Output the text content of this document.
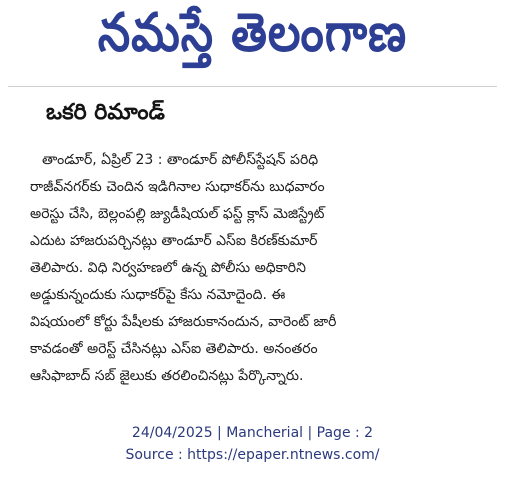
నమస్తే తెలంగాణ
ఒకరి రిమాండ్
తాండూర్, ఏప్రిల్ 23 : తాండూర్ పోలీస్‌స్టేషన్ పరిధి
రాజీవ్‌నగర్‌కు చెందిన ఇడిగినాల సుధాకర్‌ను బుధవారం
అరెస్టు చేసి, బెల్లంపల్లి జ్యుడీషియల్ ఫస్ట్ క్లాస్ మెజిస్ట్రేట్
ఎదుట హాజరుపర్చినట్లు తాండూర్ ఎస్ఐ కిరణ్‌కుమార్
తెలిపారు. విధి నిర్వహణలో ఉన్న పోలీసు అధికారిని
అడ్డుకున్నందుకు సుధాకర్‌పై కేసు నమోదైంది. ఈ
విషయంలో కోర్టు పేషీలకు హాజరుకానందున, వారెంట్ జారీ
కావడంతో అరెస్ట్ చేసినట్లు ఎస్ఐ తెలిపారు. అనంతరం
ఆసిఫాబాద్ సబ్ జైలుకు తరలించినట్లు పేర్కొన్నారు.
24/04/2025 | Mancherial | Page : 2
Source : https://epaper.ntnews.com/
